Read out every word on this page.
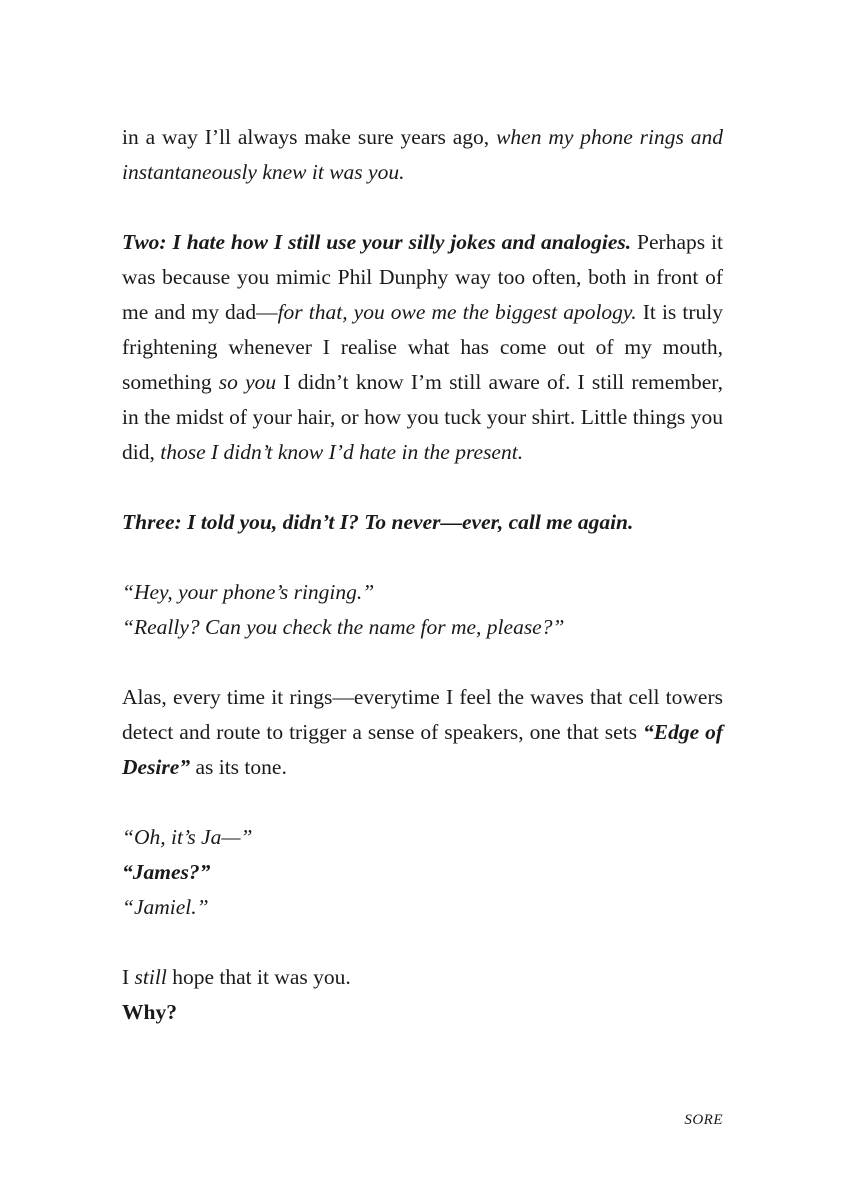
in a way I’ll always make sure years ago, when my phone rings and instantaneously knew it was you.

Two: I hate how I still use your silly jokes and analogies. Perhaps it was because you mimic Phil Dunphy way too often, both in front of me and my dad—for that, you owe me the biggest apology. It is truly frightening whenever I realise what has come out of my mouth, something so you I didn’t know I’m still aware of. I still remember, in the midst of your hair, or how you tuck your shirt. Little things you did, those I didn’t know I’d hate in the present.

Three: I told you, didn’t I? To never—ever, call me again.

“Hey, your phone’s ringing.”

“Really? Can you check the name for me, please?”

Alas, every time it rings—everytime I feel the waves that cell towers detect and route to trigger a sense of speakers, one that sets “Edge of Desire” as its tone.

“Oh, it’s Ja—”

“James?”

“Jamiel.”

I still hope that it was you.

Why?

SORE
